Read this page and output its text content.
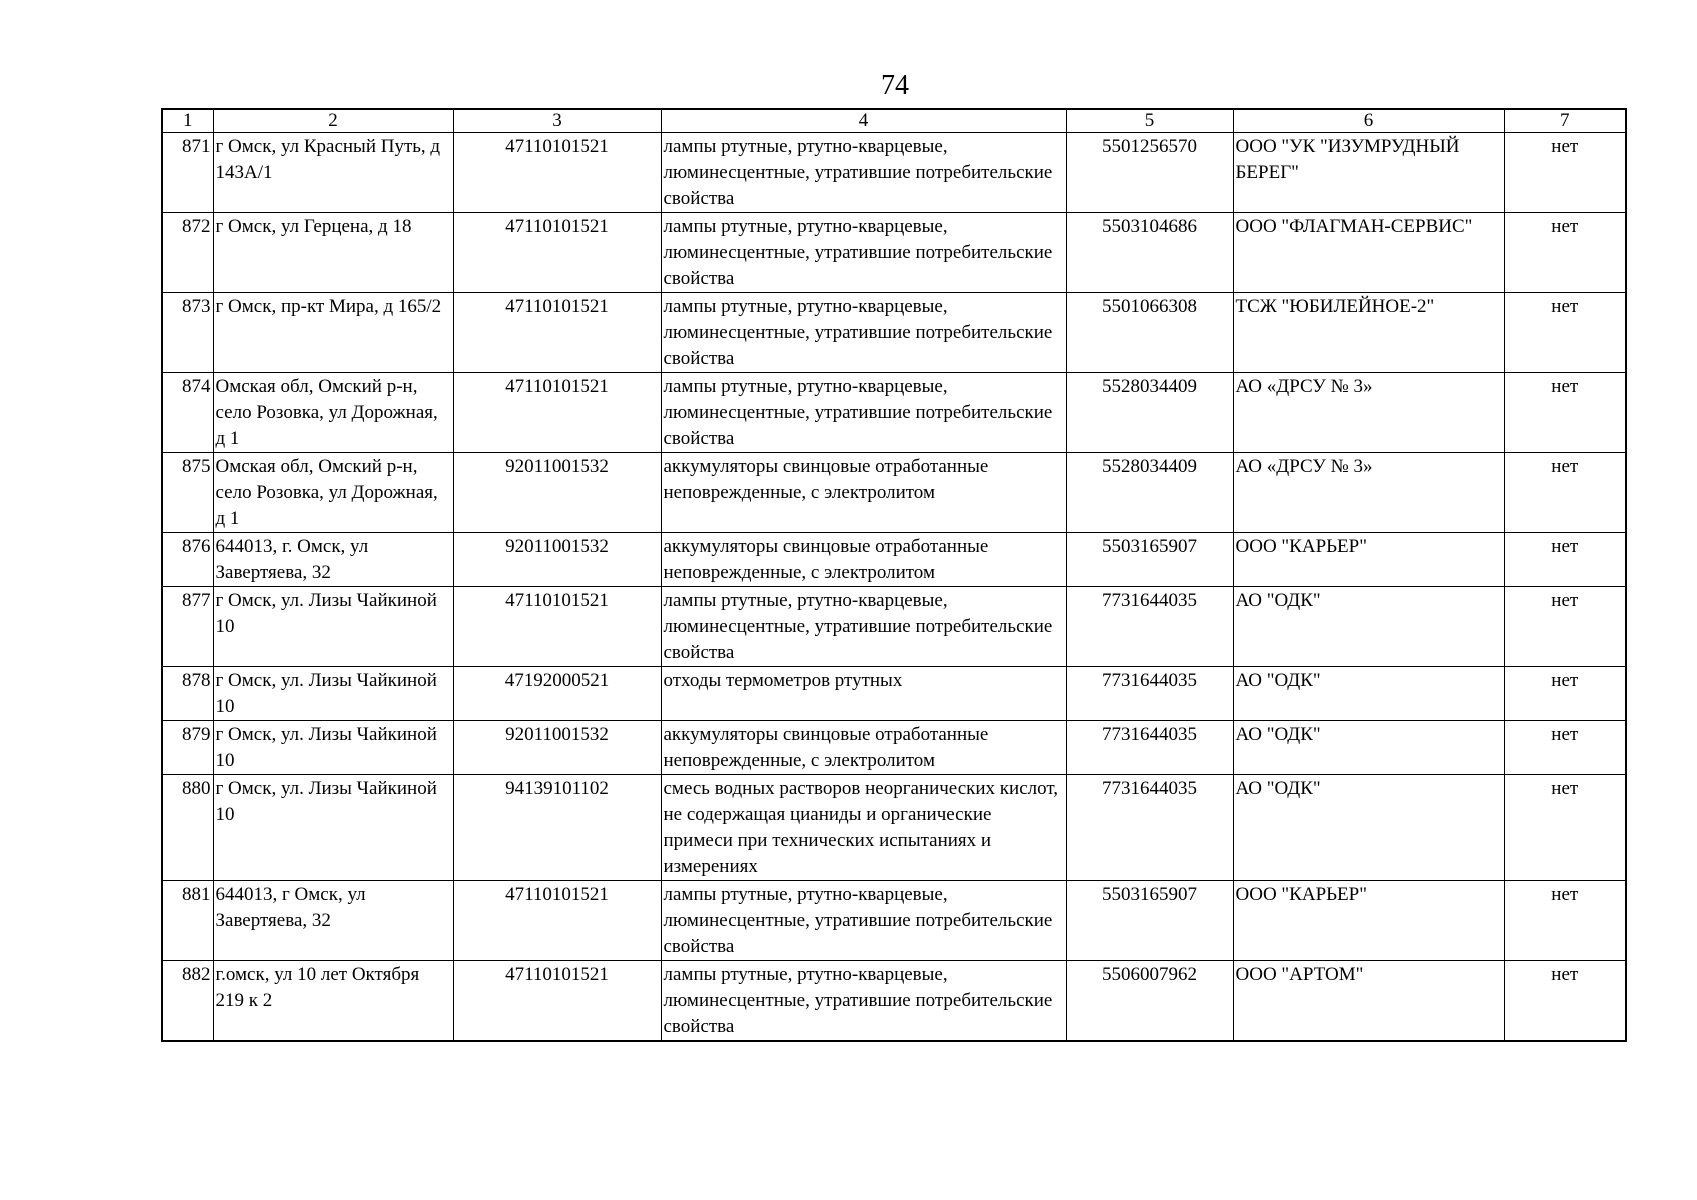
74
1	2	3	4	5	6	7
871	г Омск, ул Красный Путь, д 143А/1	47110101521	лампы ртутные, ртутно-кварцевые, люминесцентные, утратившие потребительские свойства	5501256570	ООО "УК "ИЗУМРУДНЫЙ БЕРЕГ"	нет
872	г Омск, ул Герцена, д 18	47110101521	лампы ртутные, ртутно-кварцевые, люминесцентные, утратившие потребительские свойства	5503104686	ООО "ФЛАГМАН-СЕРВИС"	нет
873	г Омск, пр-кт Мира, д 165/2	47110101521	лампы ртутные, ртутно-кварцевые, люминесцентные, утратившие потребительские свойства	5501066308	ТСЖ "ЮБИЛЕЙНОЕ-2"	нет
874	Омская обл, Омский р-н, село Розовка, ул Дорожная, д 1	47110101521	лампы ртутные, ртутно-кварцевые, люминесцентные, утратившие потребительские свойства	5528034409	АО «ДРСУ № 3»	нет
875	Омская обл, Омский р-н, село Розовка, ул Дорожная, д 1	92011001532	аккумуляторы свинцовые отработанные неповрежденные, с электролитом	5528034409	АО «ДРСУ № 3»	нет
876	644013, г. Омск, ул Завертяева, 32	92011001532	аккумуляторы свинцовые отработанные неповрежденные, с электролитом	5503165907	ООО "КАРЬЕР"	нет
877	г Омск, ул. Лизы Чайкиной 10	47110101521	лампы ртутные, ртутно-кварцевые, люминесцентные, утратившие потребительские свойства	7731644035	АО "ОДК"	нет
878	г Омск, ул. Лизы Чайкиной 10	47192000521	отходы термометров ртутных	7731644035	АО "ОДК"	нет
879	г Омск, ул. Лизы Чайкиной 10	92011001532	аккумуляторы свинцовые отработанные неповрежденные, с электролитом	7731644035	АО "ОДК"	нет
880	г Омск, ул. Лизы Чайкиной 10	94139101102	смесь водных растворов неорганических кислот, не содержащая цианиды и органические примеси при технических испытаниях и измерениях	7731644035	АО "ОДК"	нет
881	644013, г Омск, ул Завертяева, 32	47110101521	лампы ртутные, ртутно-кварцевые, люминесцентные, утратившие потребительские свойства	5503165907	ООО "КАРЬЕР"	нет
882	г.омск, ул 10 лет Октября 219 к 2	47110101521	лампы ртутные, ртутно-кварцевые, люминесцентные, утратившие потребительские свойства	5506007962	ООО "АРТОМ"	нет
